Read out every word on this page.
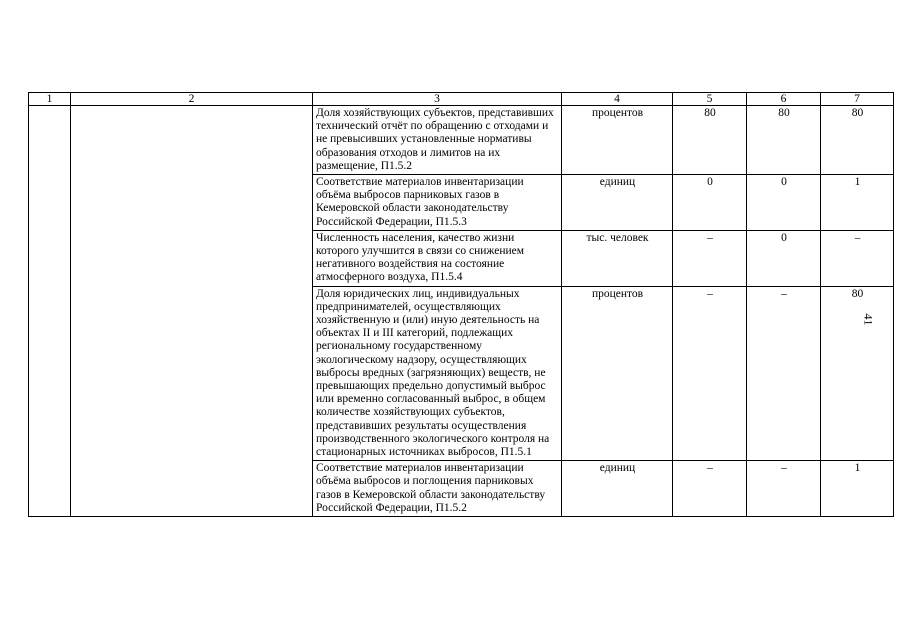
1	2	3	4	5	6	7
		Доля хозяйствующих субъектов, представивших технический отчёт по обращению с отходами и не превысивших установленные нормативы образования отходов и лимитов на их размещение, П1.5.2	процентов	80	80	80
		Соответствие материалов инвентаризации объёма выбросов парниковых газов в Кемеровской области законодательству Российской Федерации, П1.5.3	единиц	0	0	1
		Численность населения, качество жизни которого улучшится в связи со снижением негативного воздействия на состояние атмосферного воздуха, П1.5.4	тыс. человек	–	0	–
		Доля юридических лиц, индивидуальных предпринимателей, осуществляющих хозяйственную и (или) иную деятельность на объектах II и III категорий, подлежащих региональному государственному экологическому надзору, осуществляющих выбросы вредных (загрязняющих) веществ, не превышающих предельно допустимый выброс или временно согласованный выброс, в общем количестве хозяйствующих субъектов, представивших результаты осуществления производственного экологического контроля на стационарных источниках выбросов, П1.5.1	процентов	–	–	80
		Соответствие материалов инвентаризации объёма выбросов и поглощения парниковых газов в Кемеровской области законодательству Российской Федерации, П1.5.2	единиц	–	–	1
41
